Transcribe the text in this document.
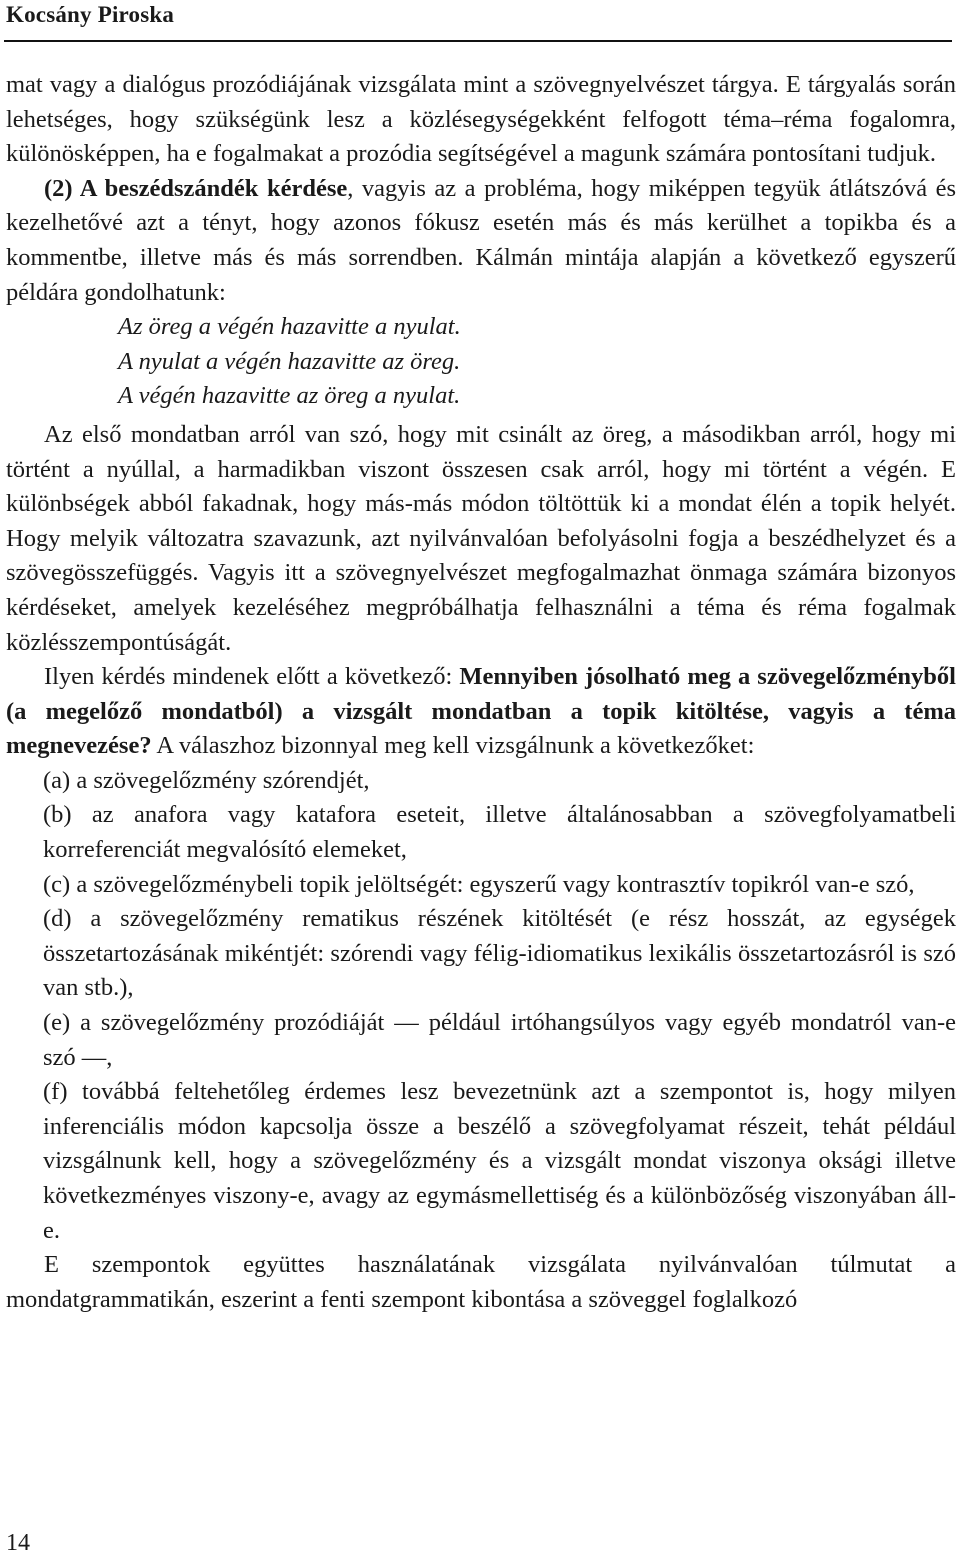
Kocsány Piroska

mat vagy a dialógus prozódiájának vizsgálata mint a szövegnyelvészet tárgya. E tárgyalás során lehetséges, hogy szükségünk lesz a közlésegységekként felfogott téma–réma fogalomra, különösképpen, ha e fogalmakat a prozódia segítségével a magunk számára pontosítani tudjuk.

(2) A beszédszándék kérdése, vagyis az a probléma, hogy miképpen tegyük átlátszóvá és kezelhetővé azt a tényt, hogy azonos fókusz esetén más és más kerülhet a topikba és a kommentbe, illetve más és más sorrendben. Kálmán mintája alapján a következő egyszerű példára gondolhatunk:

Az öreg a végén hazavitte a nyulat.
A nyulat a végén hazavitte az öreg.
A végén hazavitte az öreg a nyulat.

Az első mondatban arról van szó, hogy mit csinált az öreg, a másodikban arról, hogy mi történt a nyúllal, a harmadikban viszont összesen csak arról, hogy mi történt a végén. E különbségek abból fakadnak, hogy más-más módon töltöttük ki a mondat élén a topik helyét. Hogy melyik változatra szavazunk, azt nyilvánvalóan befolyásolni fogja a beszédhelyzet és a szövegösszefüggés. Vagyis itt a szövegnyelvészet megfogalmazhat önmaga számára bizonyos kérdéseket, amelyek kezeléséhez megpróbálhatja felhasználni a téma és réma fogalmak közlésszempontúságát.

Ilyen kérdés mindenek előtt a következő: Mennyiben jósolható meg a szövegelőzményből (a megelőző mondatból) a vizsgált mondatban a topik kitöltése, vagyis a téma megnevezése? A válaszhoz bizonnyal meg kell vizsgálnunk a következőket:

(a) a szövegelőzmény szórendjét,

(b) az anafora vagy katafora eseteit, illetve általánosabban a szövegfolyamatbeli korreferenciát megvalósító elemeket,

(c) a szövegelőzménybeli topik jelöltségét: egyszerű vagy kontrasztív topikról van-e szó,

(d) a szövegelőzmény rematikus részének kitöltését (e rész hosszát, az egységek összetartozásának mikéntjét: szórendi vagy félig-idiomatikus lexikális összetartozásról is szó van stb.),

(e) a szövegelőzmény prozódiáját — például irtóhangsúlyos vagy egyéb mondatról van-e szó —,

(f) továbbá feltehetőleg érdemes lesz bevezetnünk azt a szempontot is, hogy milyen inferenciális módon kapcsolja össze a beszélő a szövegfolyamat részeit, tehát például vizsgálnunk kell, hogy a szövegelőzmény és a vizsgált mondat viszonya oksági illetve következményes viszony-e, avagy az egymásmellettiség és a különbözőség viszonyában áll-e.

E szempontok együttes használatának vizsgálata nyilvánvalóan túlmutat a mondatgrammatikán, eszerint a fenti szempont kibontása a szöveggel foglalkozó

14
